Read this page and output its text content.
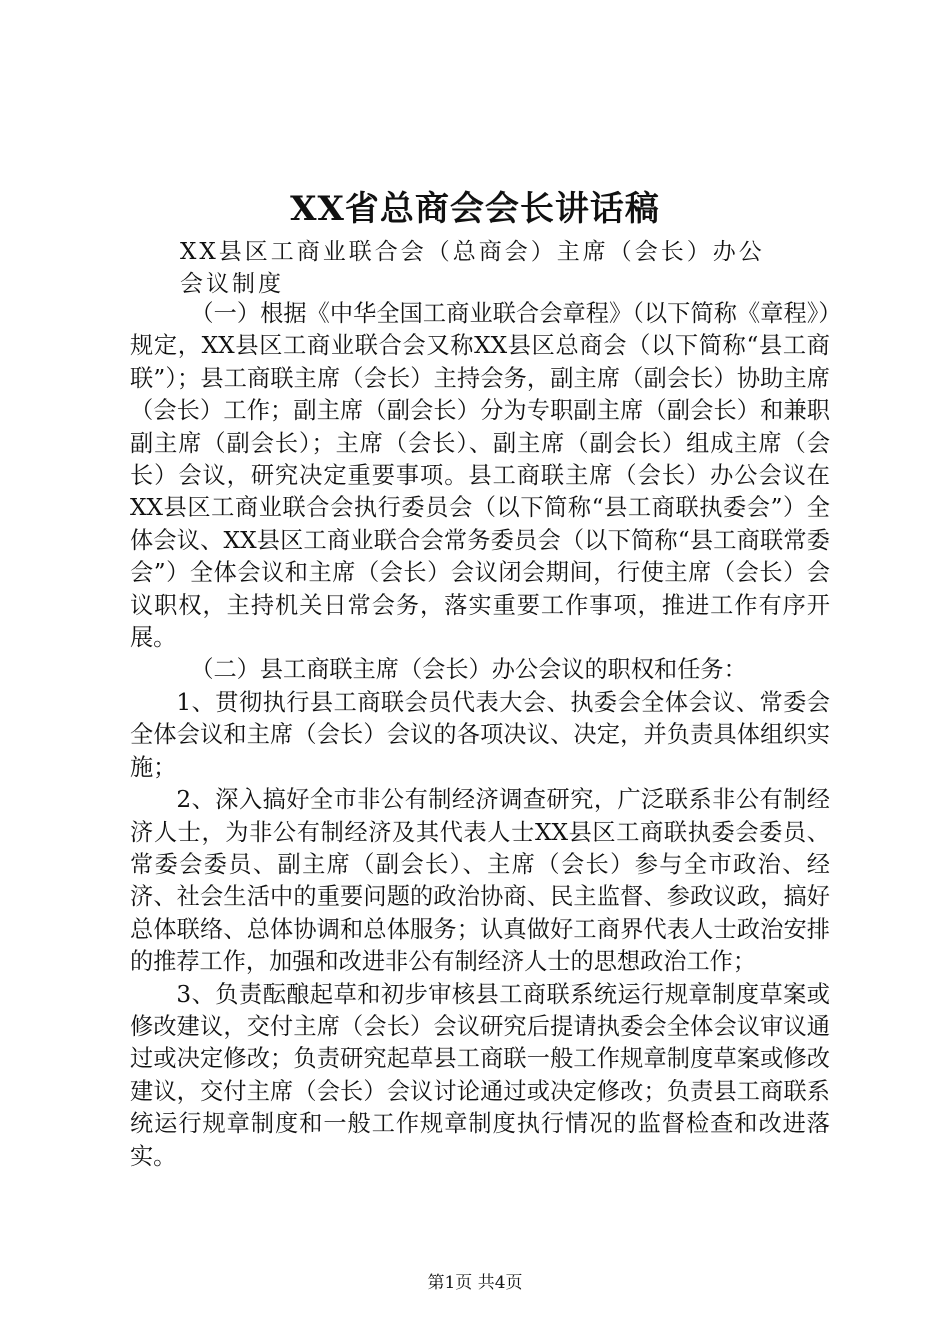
XX省总商会会长讲话稿
XX县区工商业联合会（总商会）主席（会长）办公会议制度

（一）根据《中华全国工商业联合会章程》（以下简称《章程》）规定，XX县区工商业联合会又称XX县区总商会（以下简称“县工商联”）；县工商联主席（会长）主持会务，副主席（副会长）协助主席（会长）工作；副主席（副会长）分为专职副主席（副会长）和兼职副主席（副会长）；主席（会长）、副主席（副会长）组成主席（会长）会议，研究决定重要事项。县工商联主席（会长）办公会议在XX县区工商业联合会执行委员会（以下简称“县工商联执委会”）全体会议、XX县区工商业联合会常务委员会（以下简称“县工商联常委会”）全体会议和主席（会长）会议闭会期间，行使主席（会长）会议职权，主持机关日常会务，落实重要工作事项，推进工作有序开展。

（二）县工商联主席（会长）办公会议的职权和任务：

1、贯彻执行县工商联会员代表大会、执委会全体会议、常委会全体会议和主席（会长）会议的各项决议、决定，并负责具体组织实施；

2、深入搞好全市非公有制经济调查研究，广泛联系非公有制经济人士，为非公有制经济及其代表人士XX县区工商联执委会委员、常委会委员、副主席（副会长）、主席（会长）参与全市政治、经济、社会生活中的重要问题的政治协商、民主监督、参政议政，搞好总体联络、总体协调和总体服务；认真做好工商界代表人士政治安排的推荐工作，加强和改进非公有制经济人士的思想政治工作；

3、负责酝酿起草和初步审核县工商联系统运行规章制度草案或修改建议，交付主席（会长）会议研究后提请执委会全体会议审议通过或决定修改；负责研究起草县工商联一般工作规章制度草案或修改建议，交付主席（会长）会议讨论通过或决定修改；负责县工商联系统运行规章制度和一般工作规章制度执行情况的监督检查和改进落实。

第1页 共4页
